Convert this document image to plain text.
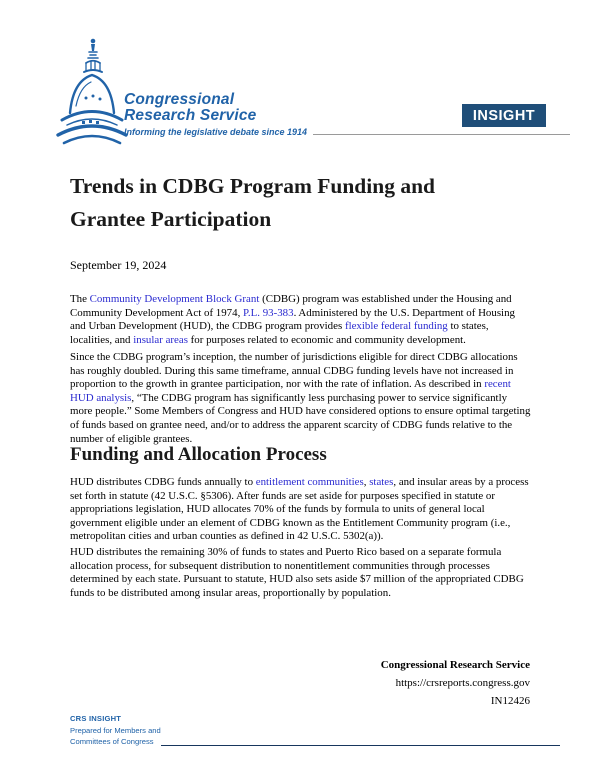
Congressional
Research Service
Informing the legislative debate since 1914
INSIGHT
Trends in CDBG Program Funding and
Grantee Participation
September 19, 2024

The Community Development Block Grant (CDBG) program was established under the Housing and Community Development Act of 1974, P.L. 93-383. Administered by the U.S. Department of Housing and Urban Development (HUD), the CDBG program provides flexible federal funding to states, localities, and insular areas for purposes related to economic and community development.

Since the CDBG program’s inception, the number of jurisdictions eligible for direct CDBG allocations has roughly doubled. During this same timeframe, annual CDBG funding levels have not increased in proportion to the growth in grantee participation, nor with the rate of inflation. As described in recent HUD analysis, “The CDBG program has significantly less purchasing power to service significantly more people.” Some Members of Congress and HUD have considered options to ensure optimal targeting of funds based on grantee need, and/or to address the apparent scarcity of CDBG funds relative to the number of eligible grantees.

Funding and Allocation Process

HUD distributes CDBG funds annually to entitlement communities, states, and insular areas by a process set forth in statute (42 U.S.C. §5306). After funds are set aside for purposes specified in statute or appropriations legislation, HUD allocates 70% of the funds by formula to units of general local government eligible under an element of CDBG known as the Entitlement Community program (i.e., metropolitan cities and urban counties as defined in 42 U.S.C. 5302(a)).

HUD distributes the remaining 30% of funds to states and Puerto Rico based on a separate formula allocation process, for subsequent distribution to nonentitlement communities through processes determined by each state. Pursuant to statute, HUD also sets aside $7 million of the appropriated CDBG funds to be distributed among insular areas, proportionally by population.

Congressional Research Service
https://crsreports.congress.gov
IN12426
CRS INSIGHT
Prepared for Members and
Committees of Congress
